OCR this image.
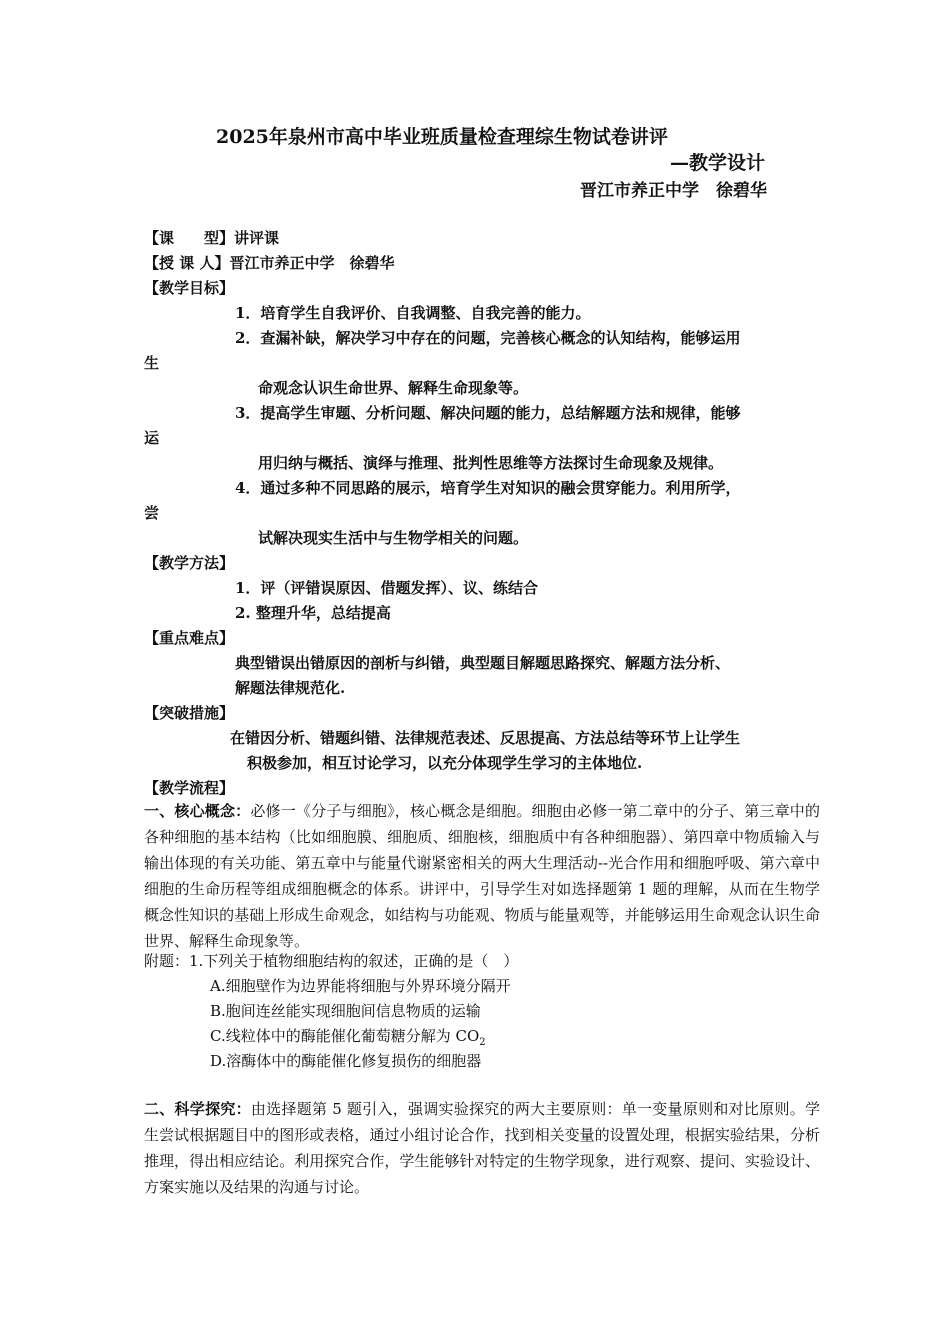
2025年泉州市高中毕业班质量检查理综生物试卷讲评
—教学设计
晋江市养正中学　徐碧华
【课　　型】讲评课
【授 课 人】晋江市养正中学　徐碧华
【教学目标】
1．培育学生自我评价、自我调整、自我完善的能力。
2．查漏补缺，解决学习中存在的问题，完善核心概念的认知结构，能够运用
生
命观念认识生命世界、解释生命现象等。
3．提高学生审题、分析问题、解决问题的能力，总结解题方法和规律，能够
运
用归纳与概括、演绎与推理、批判性思维等方法探讨生命现象及规律。
4．通过多种不同思路的展示，培育学生对知识的融会贯穿能力。利用所学，
尝
试解决现实生活中与生物学相关的问题。
【教学方法】
1．评（评错误原因、借题发挥）、议、练结合
2. 整理升华，总结提高
【重点难点】
典型错误出错原因的剖析与纠错，典型题目解题思路探究、解题方法分析、
解题法律规范化.
【突破措施】
在错因分析、错题纠错、法律规范表述、反思提高、方法总结等环节上让学生
积极参加，相互讨论学习，以充分体现学生学习的主体地位.
【教学流程】
一、核心概念：必修一《分子与细胞》，核心概念是细胞。细胞由必修一第二章中的分子、第三章中的各种细胞的基本结构（比如细胞膜、细胞质、细胞核，细胞质中有各种细胞器）、第四章中物质输入与输出体现的有关功能、第五章中与能量代谢紧密相关的两大生理活动--光合作用和细胞呼吸、第六章中细胞的生命历程等组成细胞概念的体系。讲评中，引导学生对如选择题第 1 题的理解，从而在生物学概念性知识的基础上形成生命观念，如结构与功能观、物质与能量观等，并能够运用生命观念认识生命世界、解释生命现象等。
附题：1.下列关于植物细胞结构的叙述，正确的是（　）
A.细胞壁作为边界能将细胞与外界环境分隔开
B.胞间连丝能实现细胞间信息物质的运输
C.线粒体中的酶能催化葡萄糖分解为 $CO_2$
D.溶酶体中的酶能催化修复损伤的细胞器
二、科学探究：由选择题第 5 题引入，强调实验探究的两大主要原则：单一变量原则和对比原则。学生尝试根据题目中的图形或表格，通过小组讨论合作，找到相关变量的设置处理，根据实验结果，分析推理，得出相应结论。利用探究合作，学生能够针对特定的生物学现象，进行观察、提问、实验设计、方案实施以及结果的沟通与讨论。
